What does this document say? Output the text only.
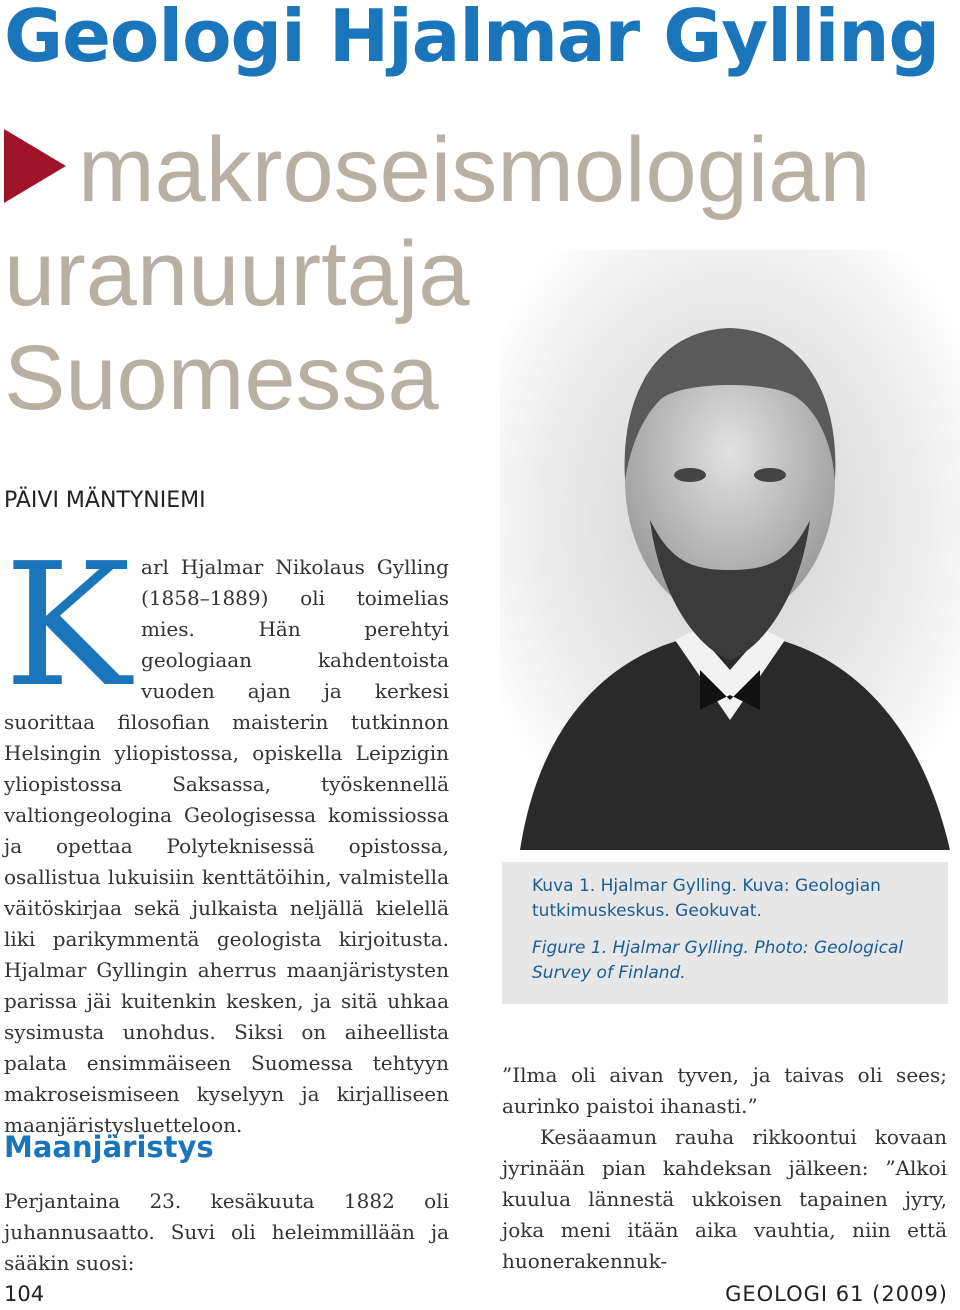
Geologi Hjalmar Gylling
makroseismologian
uranuurtaja
Suomessa
PÄIVI MÄNTYNIEMI
K arl Hjalmar Nikolaus Gylling (1858–1889) oli toimelias mies. Hän perehtyi geologiaan kahdentoista vuoden ajan ja kerkesi suorittaa filosofian maisterin tutkinnon Helsingin yliopistossa, opiskella Leipzigin yliopistossa Saksassa, työskennellä valtiongeologina Geologisessa komissiossa ja opettaa Polyteknisessä opistossa, osallistua lukuisiin kenttätöihin, valmistella väitöskirjaa sekä julkaista neljällä kielellä liki parikymmentä geologista kirjoitusta. Hjalmar Gyllingin aherrus maanjäristysten parissa jäi kuitenkin kesken, ja sitä uhkaa sysimusta unohdus. Siksi on aiheellista palata ensimmäiseen Suomessa tehtyyn makroseismiseen kyselyyn ja kirjalliseen maanjäristysluetteloon.

Maanjäristys

Perjantaina 23. kesäkuuta 1882 oli juhannusaatto. Suvi oli heleimmillään ja sääkin suosi:

Kuva 1. Hjalmar Gylling. Kuva: Geologian tutkimuskeskus. Geokuvat.

Figure 1. Hjalmar Gylling. Photo: Geological Survey of Finland.

”Ilma oli aivan tyven, ja taivas oli sees; aurinko paistoi ihanasti.”

Kesäaamun rauha rikkoontui kovaan jyrinään pian kahdeksan jälkeen: ”Alkoi kuulua lännestä ukkoisen tapainen jyry, joka meni itään aika vauhtia, niin että huonerakennuk-

104	GEOLOGI 61 (2009)
